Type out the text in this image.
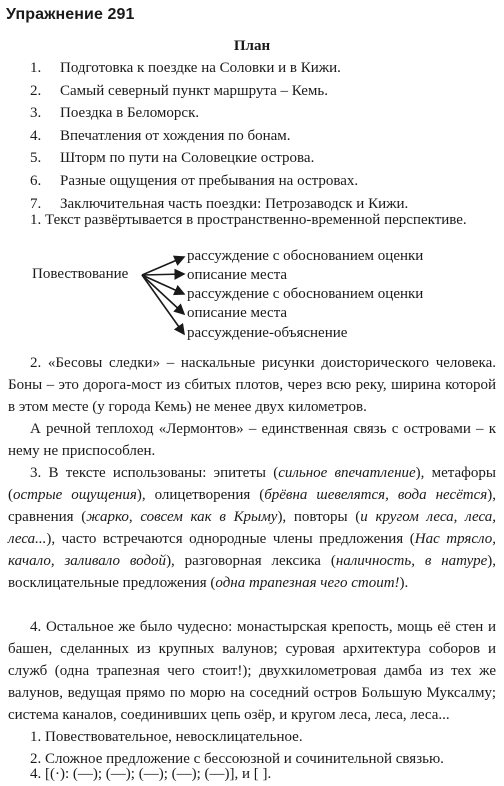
Упражнение 291
План
1.	Подготовка к поездке на Соловки и в Кижи.
2.	Самый северный пункт маршрута – Кемь.
3.	Поездка в Беломорск.
4.	Впечатления от хождения по бонам.
5.	Шторм по пути на Соловецкие острова.
6.	Разные ощущения от пребывания на островах.
7.	Заключительная часть поездки: Петрозаводск и Кижи.
1. Текст развёртывается в пространственно-временной перспективе.
Повествование
рассуждение с обоснованием оценки
описание места
рассуждение с обоснованием оценки
описание места
рассуждение-объяснение
2. «Бесовы следки» – наскальные рисунки доисторического человека. Боны – это дорога-мост из сбитых плотов, через всю реку, ширина которой в этом месте (у города Кемь) не менее двух километров.
А речной теплоход «Лермонтов» – единственная связь с островами – к нему не приспособлен.
3. В тексте использованы: эпитеты (сильное впечатление), метафоры (острые ощущения), олицетворения (брёвна шевелятся, вода несётся), сравнения (жарко, совсем как в Крыму), повторы (и кругом леса, леса, леса...), часто встречаются однородные члены предложения (Нас трясло, качало, заливало водой), разговорная лексика (наличность, в натуре), восклицательные предложения (одна трапезная чего стоит!).
4. Остальное же было чудесно: монастырская крепость, мощь её стен и башен, сделанных из крупных валунов; суровая архитектура соборов и служб (одна трапезная чего стоит!); двухкилометровая дамба из тех же валунов, ведущая прямо по морю на соседний остров Большую Муксалму; система каналов, соединивших цепь озёр, и кругом леса, леса, леса...
1. Повествовательное, невосклицательное.
2. Сложное предложение с бессоюзной и сочинительной связью.
4. [(·): (—); (—); (—); (—); (—)], и [ ].
